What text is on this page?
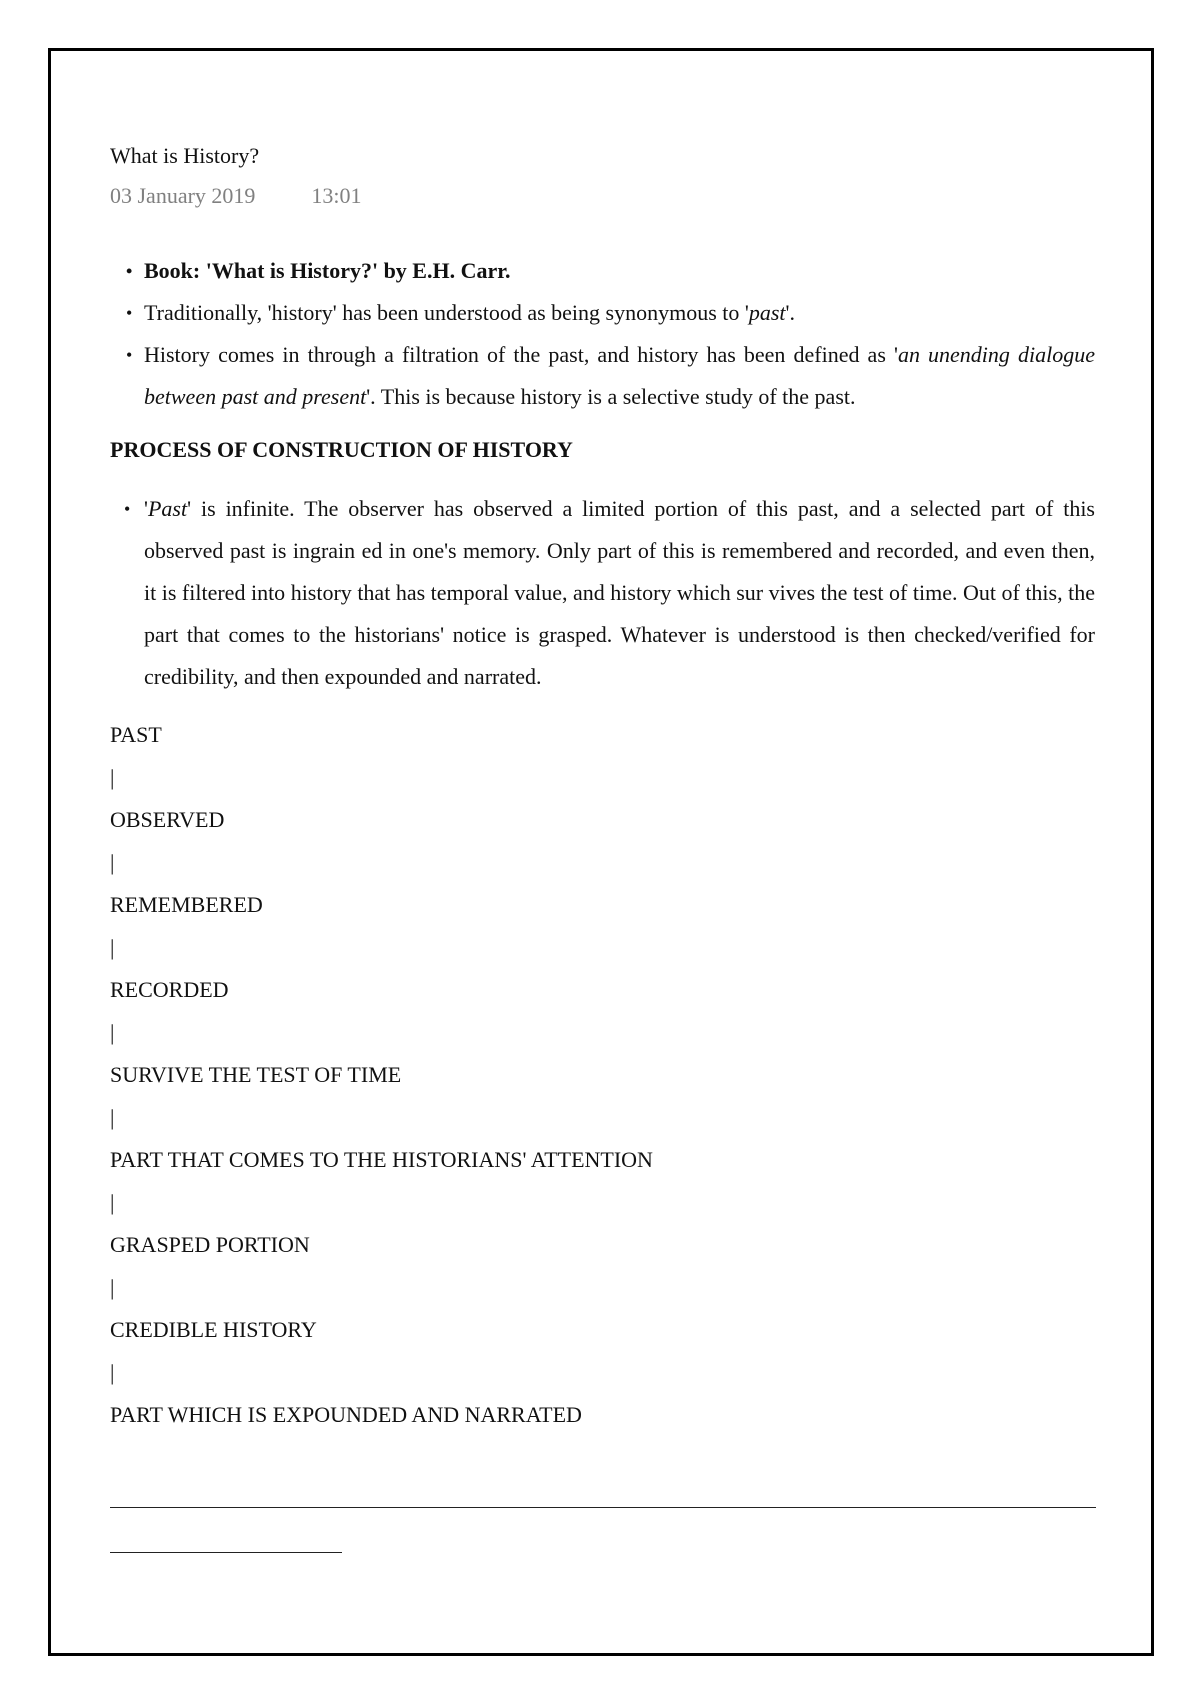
What is History?
03 January 2019	13:01
• Book: 'What is History?' by E.H. Carr.
• Traditionally, 'history' has been understood as being synonymous to 'past'.
• History comes in through a filtration of the past, and history has been defined as 'an unending dialogue between past and present'. This is because history is a selective study of the past.
PROCESS OF CONSTRUCTION OF HISTORY
• 'Past' is infinite. The observer has observed a limited portion of this past, and a selected part of this observed past is ingrain ed in one's memory. Only part of this is remembered and recorded, and even then, it is filtered into history that has temporal value, and history which sur vives the test of time. Out of this, the part that comes to the historians' notice is grasped. Whatever is understood is then checked/verified for credibility, and then expounded and narrated.
PAST
|
OBSERVED
|
REMEMBERED
|
RECORDED
|
SURVIVE THE TEST OF TIME
|
PART THAT COMES TO THE HISTORIANS' ATTENTION
|
GRASPED PORTION
|
CREDIBLE HISTORY
|
PART WHICH IS EXPOUNDED AND NARRATED
